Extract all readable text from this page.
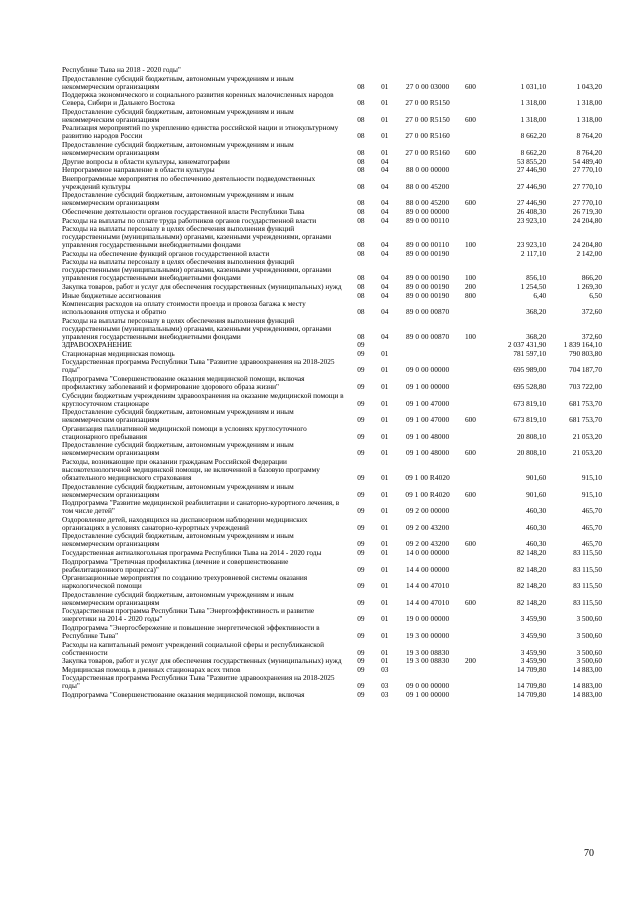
Республике Тыва на 2018 - 2020 годы"
Предоставление субсидий бюджетным, автономным учреждениям и иным некоммерческим организациям	08	01	27 0 00 03000	600	1 031,10	1 043,20
Поддержка экономического и социального развития коренных малочисленных народов Севера, Сибири и Дальнего Востока	08	01	27 0 00 R5150	1 318,00	1 318,00
Предоставление субсидий бюджетным, автономным учреждениям и иным некоммерческим организациям	08	01	27 0 00 R5150	600	1 318,00	1 318,00
Реализация мероприятий по укреплению единства российской нации и этнокультурному развитию народов России	08	01	27 0 00 R5160	8 662,20	8 764,20
Предоставление субсидий бюджетным, автономным учреждениям и иным некоммерческим организациям	08	01	27 0 00 R5160	600	8 662,20	8 764,20
Другие вопросы в области культуры, кинематографии	08	04	53 855,20	54 489,40
Непрограммное направление в области культуры	08	04	88 0 00 00000	27 446,90	27 770,10
Внепрограммные мероприятия по обеспечению деятельности подведомственных учреждений культуры	08	04	88 0 00 45200	27 446,90	27 770,10
Предоставление субсидий бюджетным, автономным учреждениям и иным некоммерческим организациям	08	04	88 0 00 45200	600	27 446,90	27 770,10
Обеспечение деятельности органов государственной власти Республики Тыва	08	04	89 0 00 00000	26 408,30	26 719,30
Расходы на выплаты по оплате труда работников органов государственной власти	08	04	89 0 00 00110	23 923,10	24 204,80
Расходы на выплаты персоналу в целях обеспечения выполнения функций государственными (муниципальными) органами, казенными учреждениями, органами управления государственными внебюджетными фондами	08	04	89 0 00 00110	100	23 923,10	24 204,80
Расходы на обеспечение функций органов государственной власти	08	04	89 0 00 00190	2 117,10	2 142,00
Расходы на выплаты персоналу в целях обеспечения выполнения функций государственными (муниципальными) органами, казенными учреждениями, органами управления государственными внебюджетными фондами	08	04	89 0 00 00190	100	856,10	866,20
Закупка товаров, работ и услуг для обеспечения государственных (муниципальных) нужд	08	04	89 0 00 00190	200	1 254,50	1 269,30
Иные бюджетные ассигнования	08	04	89 0 00 00190	800	6,40	6,50
Компенсация расходов на оплату стоимости проезда и провоза багажа к месту использования отпуска и обратно	08	04	89 0 00 00870	368,20	372,60
Расходы на выплаты персоналу в целях обеспечения выполнения функций государственными (муниципальными) органами, казенными учреждениями, органами управления государственными внебюджетными фондами	08	04	89 0 00 00870	100	368,20	372,60
ЗДРАВООХРАНЕНИЕ	09	2 037 431,90	1 839 164,10
Стационарная медицинская помощь	09	01	781 597,10	790 803,80
Государственная программа Республики Тыва "Развитие здравоохранения на 2018-2025 годы"	09	01	09 0 00 00000	695 989,00	704 187,70
Подпрограмма "Совершенствование оказания медицинской помощи, включая профилактику заболеваний и формирование здорового образа жизни"	09	01	09 1 00 00000	695 528,80	703 722,00
Субсидии бюджетным учреждениям здравоохранения на оказание медицинской помощи в круглосуточном стационаре	09	01	09 1 00 47000	673 819,10	681 753,70
Предоставление субсидий бюджетным, автономным учреждениям и иным некоммерческим организациям	09	01	09 1 00 47000	600	673 819,10	681 753,70
Организация паллиативной медицинской помощи в условиях круглосуточного стационарного пребывания	09	01	09 1 00 48000	20 808,10	21 053,20
Предоставление субсидий бюджетным, автономным учреждениям и иным некоммерческим организациям	09	01	09 1 00 48000	600	20 808,10	21 053,20
Расходы, возникающие при оказании гражданам Российской Федерации высокотехнологичной медицинской помощи, не включенной в базовую программу обязательного медицинского страхования	09	01	09 1 00 R4020	901,60	915,10
Предоставление субсидий бюджетным, автономным учреждениям и иным некоммерческим организациям	09	01	09 1 00 R4020	600	901,60	915,10
Подпрограмма "Развитие медицинской реабилитации и санаторно-курортного лечения, в том числе детей"	09	01	09 2 00 00000	460,30	465,70
Оздоровление детей, находящихся на диспансерном наблюдении медицинских организациях в условиях санаторно-курортных учреждений	09	01	09 2 00 43200	460,30	465,70
Предоставление субсидий бюджетным, автономным учреждениям и иным некоммерческим организациям	09	01	09 2 00 43200	600	460,30	465,70
Государственная антиалкогольная программа Республики Тыва на 2014 - 2020 годы	09	01	14 0 00 00000	82 148,20	83 115,50
Подпрограмма "Третичная профилактика (лечение и совершенствование реабилитационного процесса)"	09	01	14 4 00 00000	82 148,20	83 115,50
Организационные мероприятия по созданию трехуровневой системы оказания наркологической помощи	09	01	14 4 00 47010	82 148,20	83 115,50
Предоставление субсидий бюджетным, автономным учреждениям и иным некоммерческим организациям	09	01	14 4 00 47010	600	82 148,20	83 115,50
Государственная программа Республики Тыва "Энергоэффективность и развитие энергетики на 2014 - 2020 годы"	09	01	19 0 00 00000	3 459,90	3 500,60
Подпрограмма "Энергосбережение и повышение энергетической эффективности в Республике Тыва"	09	01	19 3 00 00000	3 459,90	3 500,60
Расходы на капитальный ремонт учреждений социальной сферы и республиканской собственности	09	01	19 3 00 08830	3 459,90	3 500,60
Закупка товаров, работ и услуг для обеспечения государственных (муниципальных) нужд	09	01	19 3 00 08830	200	3 459,90	3 500,60
Медицинская помощь в дневных стационарах всех типов	09	03	14 709,80	14 883,00
Государственная программа Республики Тыва "Развитие здравоохранения на 2018-2025 годы"	09	03	09 0 00 00000	14 709,80	14 883,00
Подпрограмма "Совершенствование оказания медицинской помощи, включая	09	03	09 1 00 00000	14 709,80	14 883,00
70
